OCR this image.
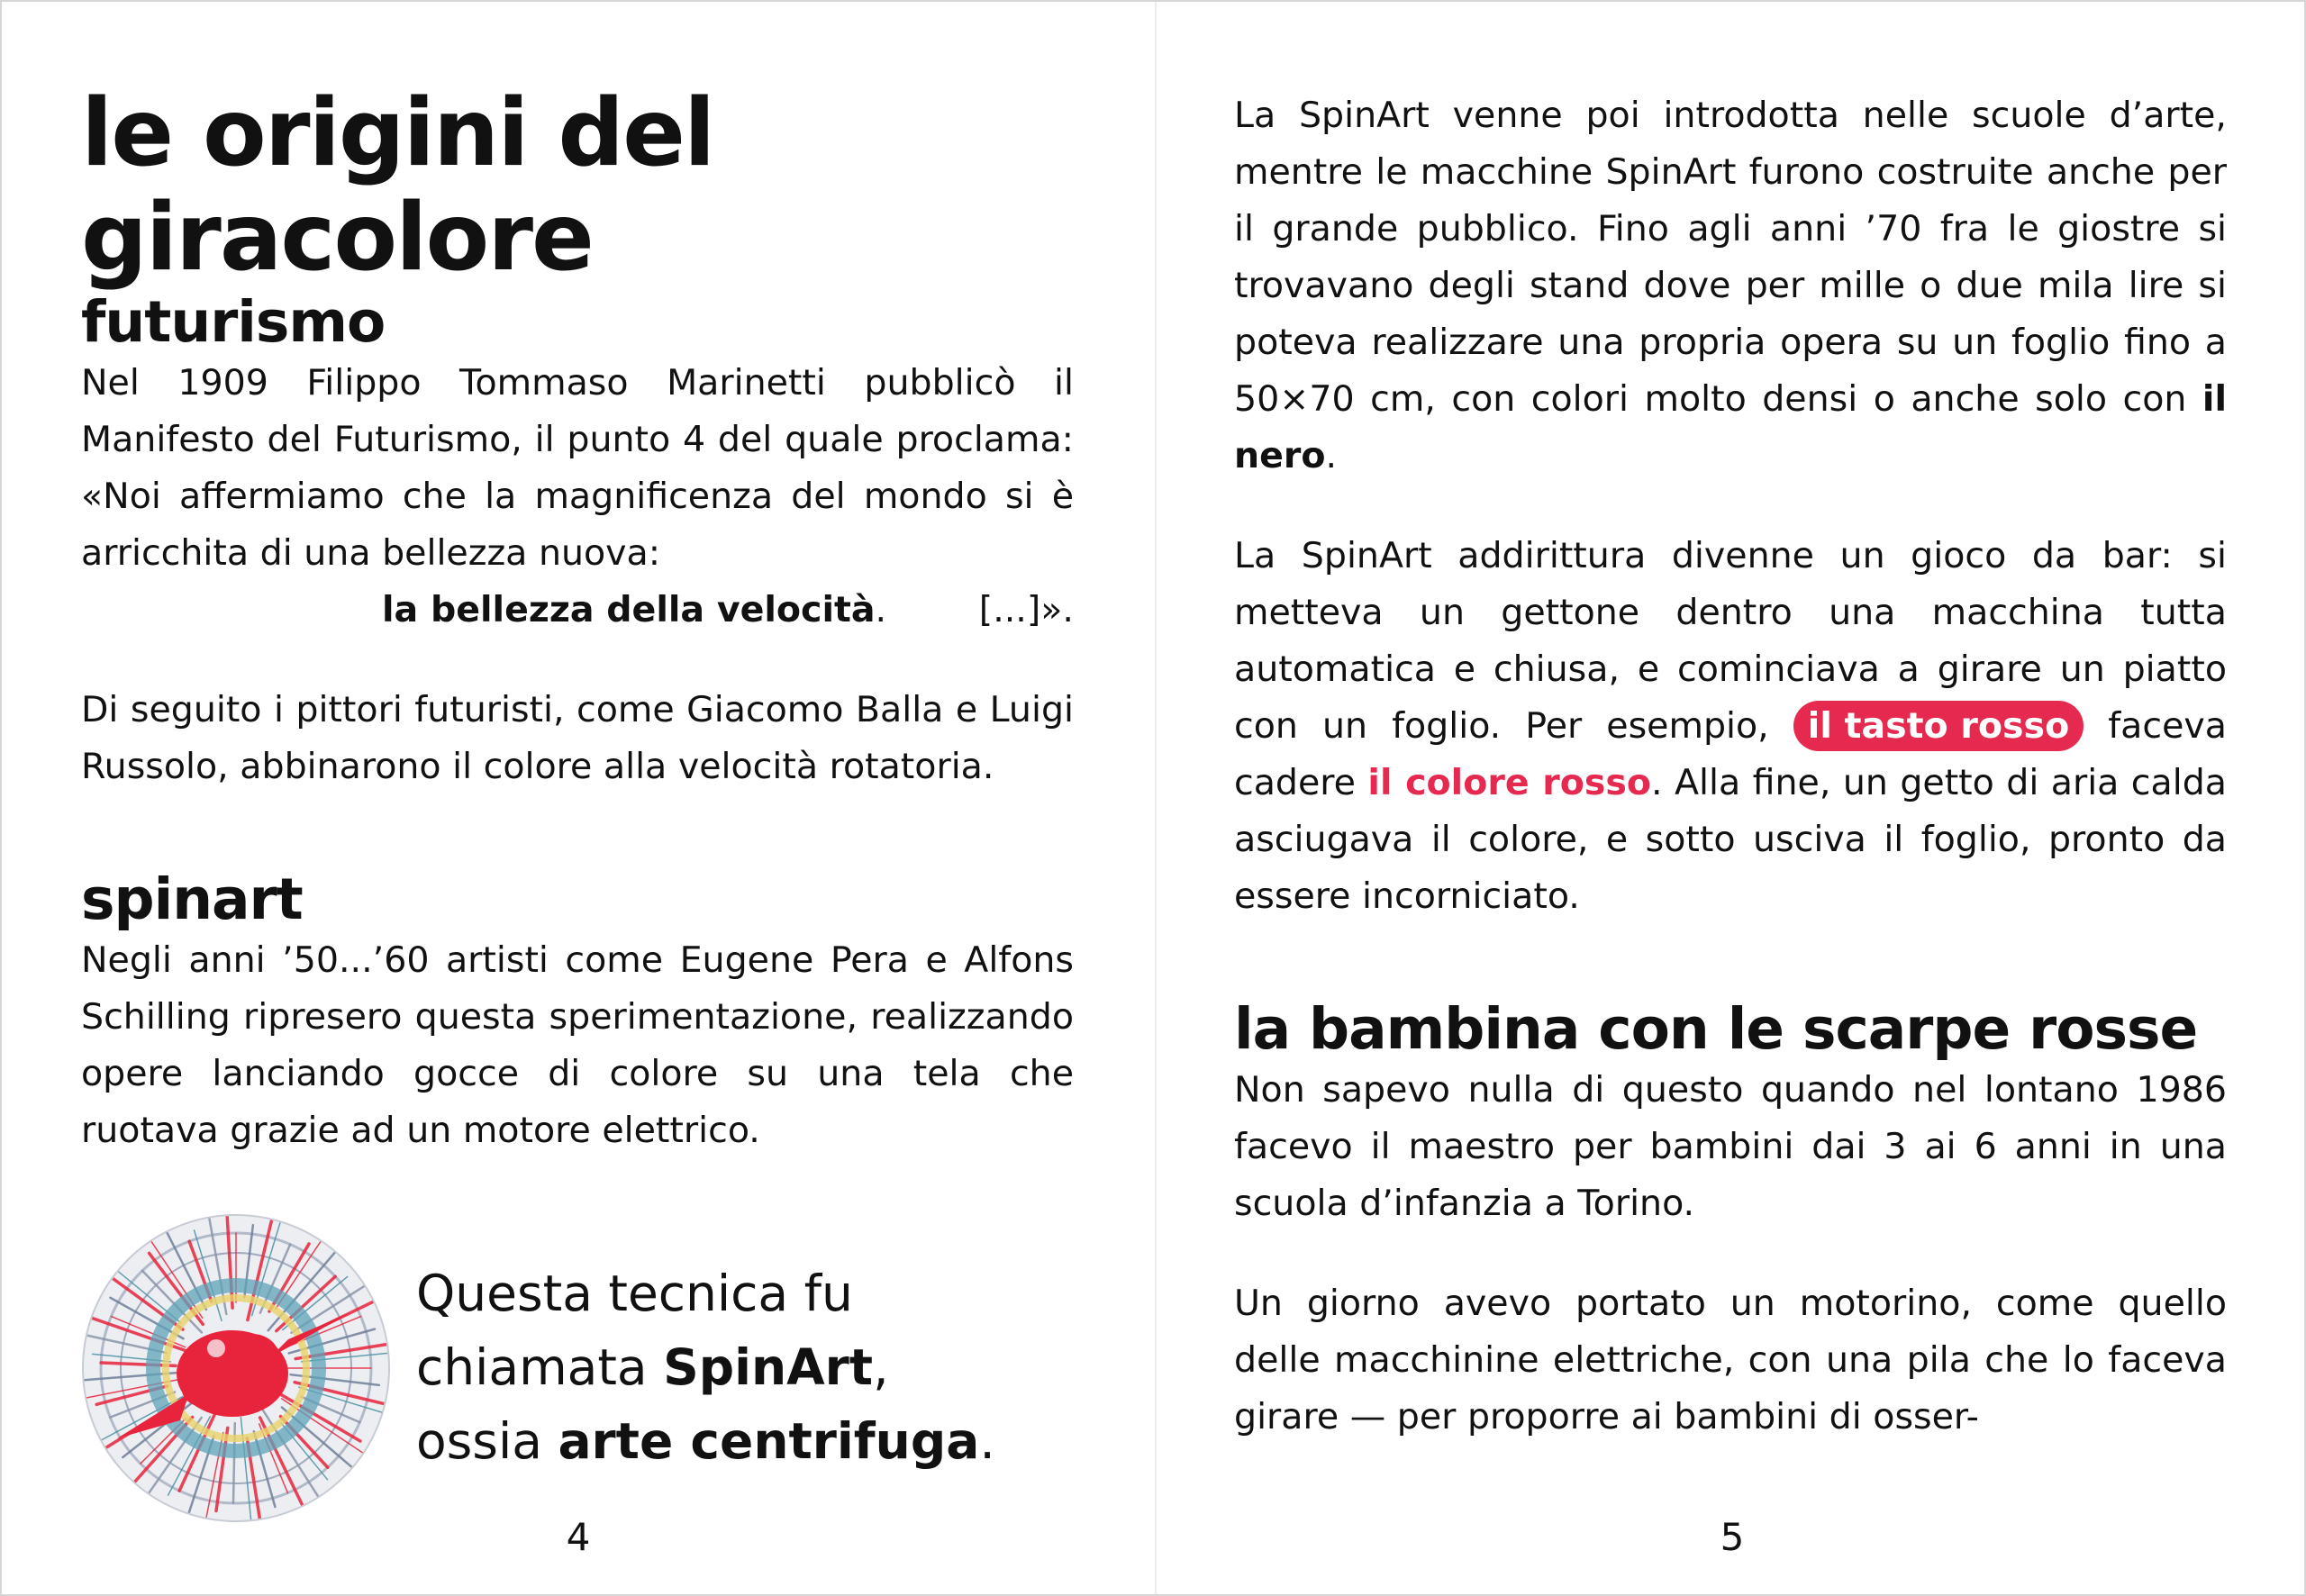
le origini del giracolore
futurismo

Nel 1909 Filippo Tommaso Marinetti pubblicò il Manifesto del Futurismo, il punto 4 del quale proclama: «Noi affermiamo che la magnificenza del mondo si è arricchita di una bellezza nuova:

la bellezza della velocità.	[...]».

Di seguito i pittori futuristi, come Giacomo Balla e Luigi Russolo, abbinarono il colore alla velocità rotatoria.

spinart

Negli anni ’50...’60 artisti come Eugene Pera e Alfons Schilling ripresero questa sperimentazione, realizzando opere lanciando gocce di colore su una tela che ruotava grazie ad un motore elettrico.

Questa tecnica fu
chiamata SpinArt,
ossia arte centrifuga.
4

La SpinArt venne poi introdotta nelle scuole d’arte, mentre le macchine SpinArt furono costruite anche per il grande pubblico. Fino agli anni ’70 fra le giostre si trovavano degli stand dove per mille o due mila lire si poteva realizzare una propria opera su un foglio fino a 50×70 cm, con colori molto densi o anche solo con il nero.

La SpinArt addirittura divenne un gioco da bar: si metteva un gettone dentro una macchina tutta automatica e chiusa, e cominciava a girare un piatto con un foglio. Per esempio, il tasto rosso faceva cadere il colore rosso. Alla fine, un getto di aria calda asciugava il colore, e sotto usciva il foglio, pronto da essere incorniciato.

la bambina con le scarpe rosse

Non sapevo nulla di questo quando nel lontano 1986 facevo il maestro per bambini dai 3 ai 6 anni in una scuola d’infanzia a Torino.

Un giorno avevo portato un motorino, come quello delle macchinine elettriche, con una pila che lo faceva girare — per proporre ai bambini di osser-

5
